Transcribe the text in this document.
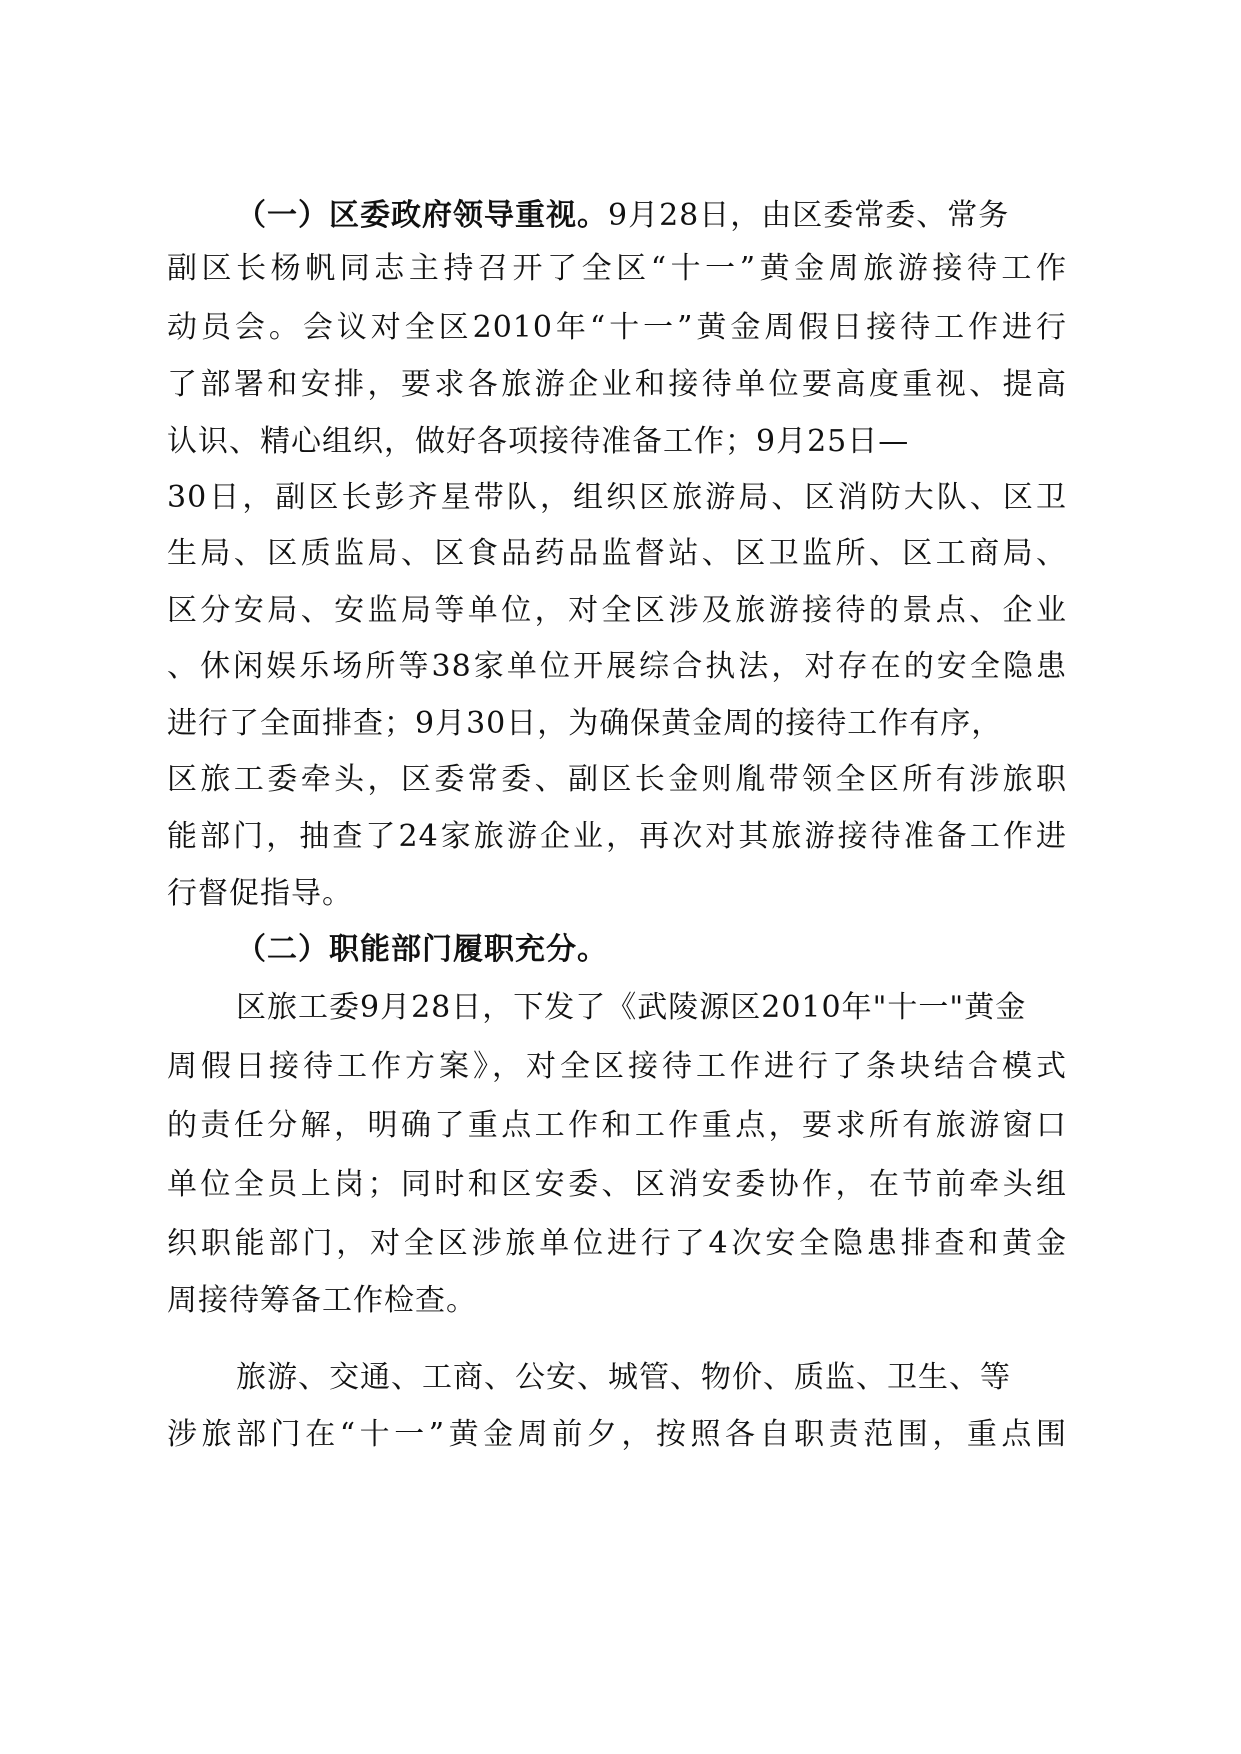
（一）区委政府领导重视。9月28日，由区委常委、常务
副区长杨帆同志主持召开了全区“十一”黄金周旅游接待工作
动员会。会议对全区2010年“十一”黄金周假日接待工作进行
了部署和安排，要求各旅游企业和接待单位要高度重视、提高
认识、精心组织，做好各项接待准备工作；9月25日—
30日，副区长彭齐星带队，组织区旅游局、区消防大队、区卫
生局、区质监局、区食品药品监督站、区卫监所、区工商局、
区分安局、安监局等单位，对全区涉及旅游接待的景点、企业
、休闲娱乐场所等38家单位开展综合执法，对存在的安全隐患
进行了全面排查；9月30日，为确保黄金周的接待工作有序，
区旅工委牵头，区委常委、副区长金则胤带领全区所有涉旅职
能部门，抽查了24家旅游企业，再次对其旅游接待准备工作进
行督促指导。
（二）职能部门履职充分。
区旅工委9月28日，下发了《武陵源区2010年"十一"黄金
周假日接待工作方案》，对全区接待工作进行了条块结合模式
的责任分解，明确了重点工作和工作重点，要求所有旅游窗口
单位全员上岗；同时和区安委、区消安委协作，在节前牵头组
织职能部门，对全区涉旅单位进行了4次安全隐患排查和黄金
周接待筹备工作检查。
旅游、交通、工商、公安、城管、物价、质监、卫生、等
涉旅部门在“十一”黄金周前夕，按照各自职责范围，重点围
